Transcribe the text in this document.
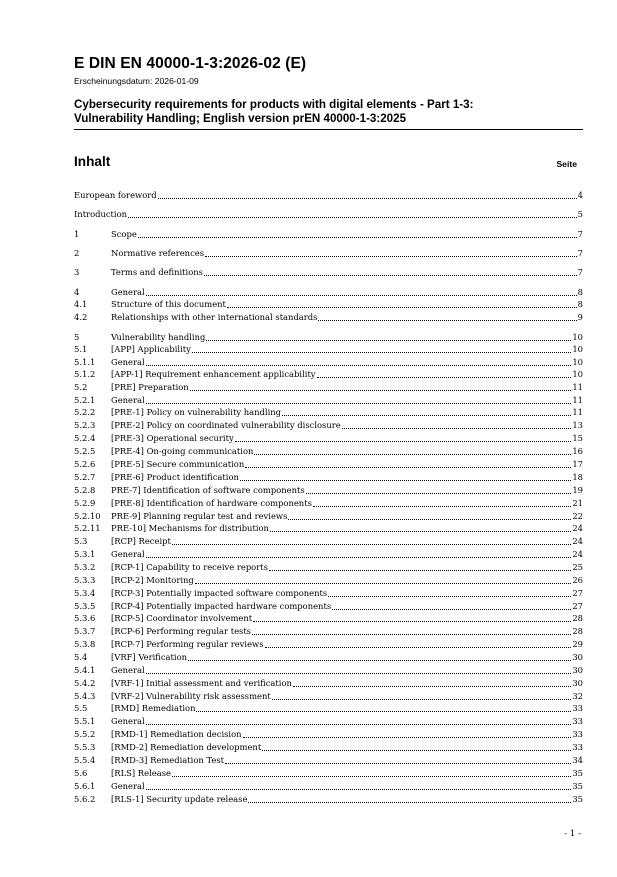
E DIN EN 40000-1-3:2026-02 (E)
Erscheinungsdatum: 2026-01-09
Cybersecurity requirements for products with digital elements - Part 1-3:
Vulnerability Handling; English version prEN 40000-1-3:2025
Inhalt	Seite
European foreword	4
Introduction	5
1	Scope	7
2	Normative references	7
3	Terms and definitions	7
4	General	8
4.1	Structure of this document	8
4.2	Relationships with other international standards	9
5	Vulnerability handling	10
5.1	[APP] Applicability	10
5.1.1	General	10
5.1.2	[APP-1] Requirement enhancement applicability	10
5.2	[PRE] Preparation	11
5.2.1	General	11
5.2.2	[PRE-1] Policy on vulnerability handling	11
5.2.3	[PRE-2] Policy on coordinated vulnerability disclosure	13
5.2.4	[PRE-3] Operational security	15
5.2.5	[PRE-4] On-going communication	16
5.2.6	[PRE-5] Secure communication	17
5.2.7	[PRE-6] Product identification	18
5.2.8	PRE-7] Identification of software components	19
5.2.9	[PRE-8] Identification of hardware components	21
5.2.10	PRE-9] Planning regular test and reviews	22
5.2.11	PRE-10] Mechanisms for distribution	24
5.3	[RCP] Receipt	24
5.3.1	General	24
5.3.2	[RCP-1] Capability to receive reports	25
5.3.3	[RCP-2] Monitoring	26
5.3.4	[RCP-3] Potentially impacted software components	27
5.3.5	[RCP-4] Potentially impacted hardware components	27
5.3.6	[RCP-5] Coordinator involvement	28
5.3.7	[RCP-6] Performing regular tests	28
5.3.8	[RCP-7] Performing regular reviews	29
5.4	[VRF] Verification	30
5.4.1	General	30
5.4.2	[VRF-1] Initial assessment and verification	30
5.4.3	[VRF-2] Vulnerability risk assessment	32
5.5	[RMD] Remediation	33
5.5.1	General	33
5.5.2	[RMD-1] Remediation decision	33
5.5.3	[RMD-2] Remediation development	33
5.5.4	[RMD-3] Remediation Test	34
5.6	[RLS] Release	35
5.6.1	General	35
5.6.2	[RLS-1] Security update release	35
- 1 -
